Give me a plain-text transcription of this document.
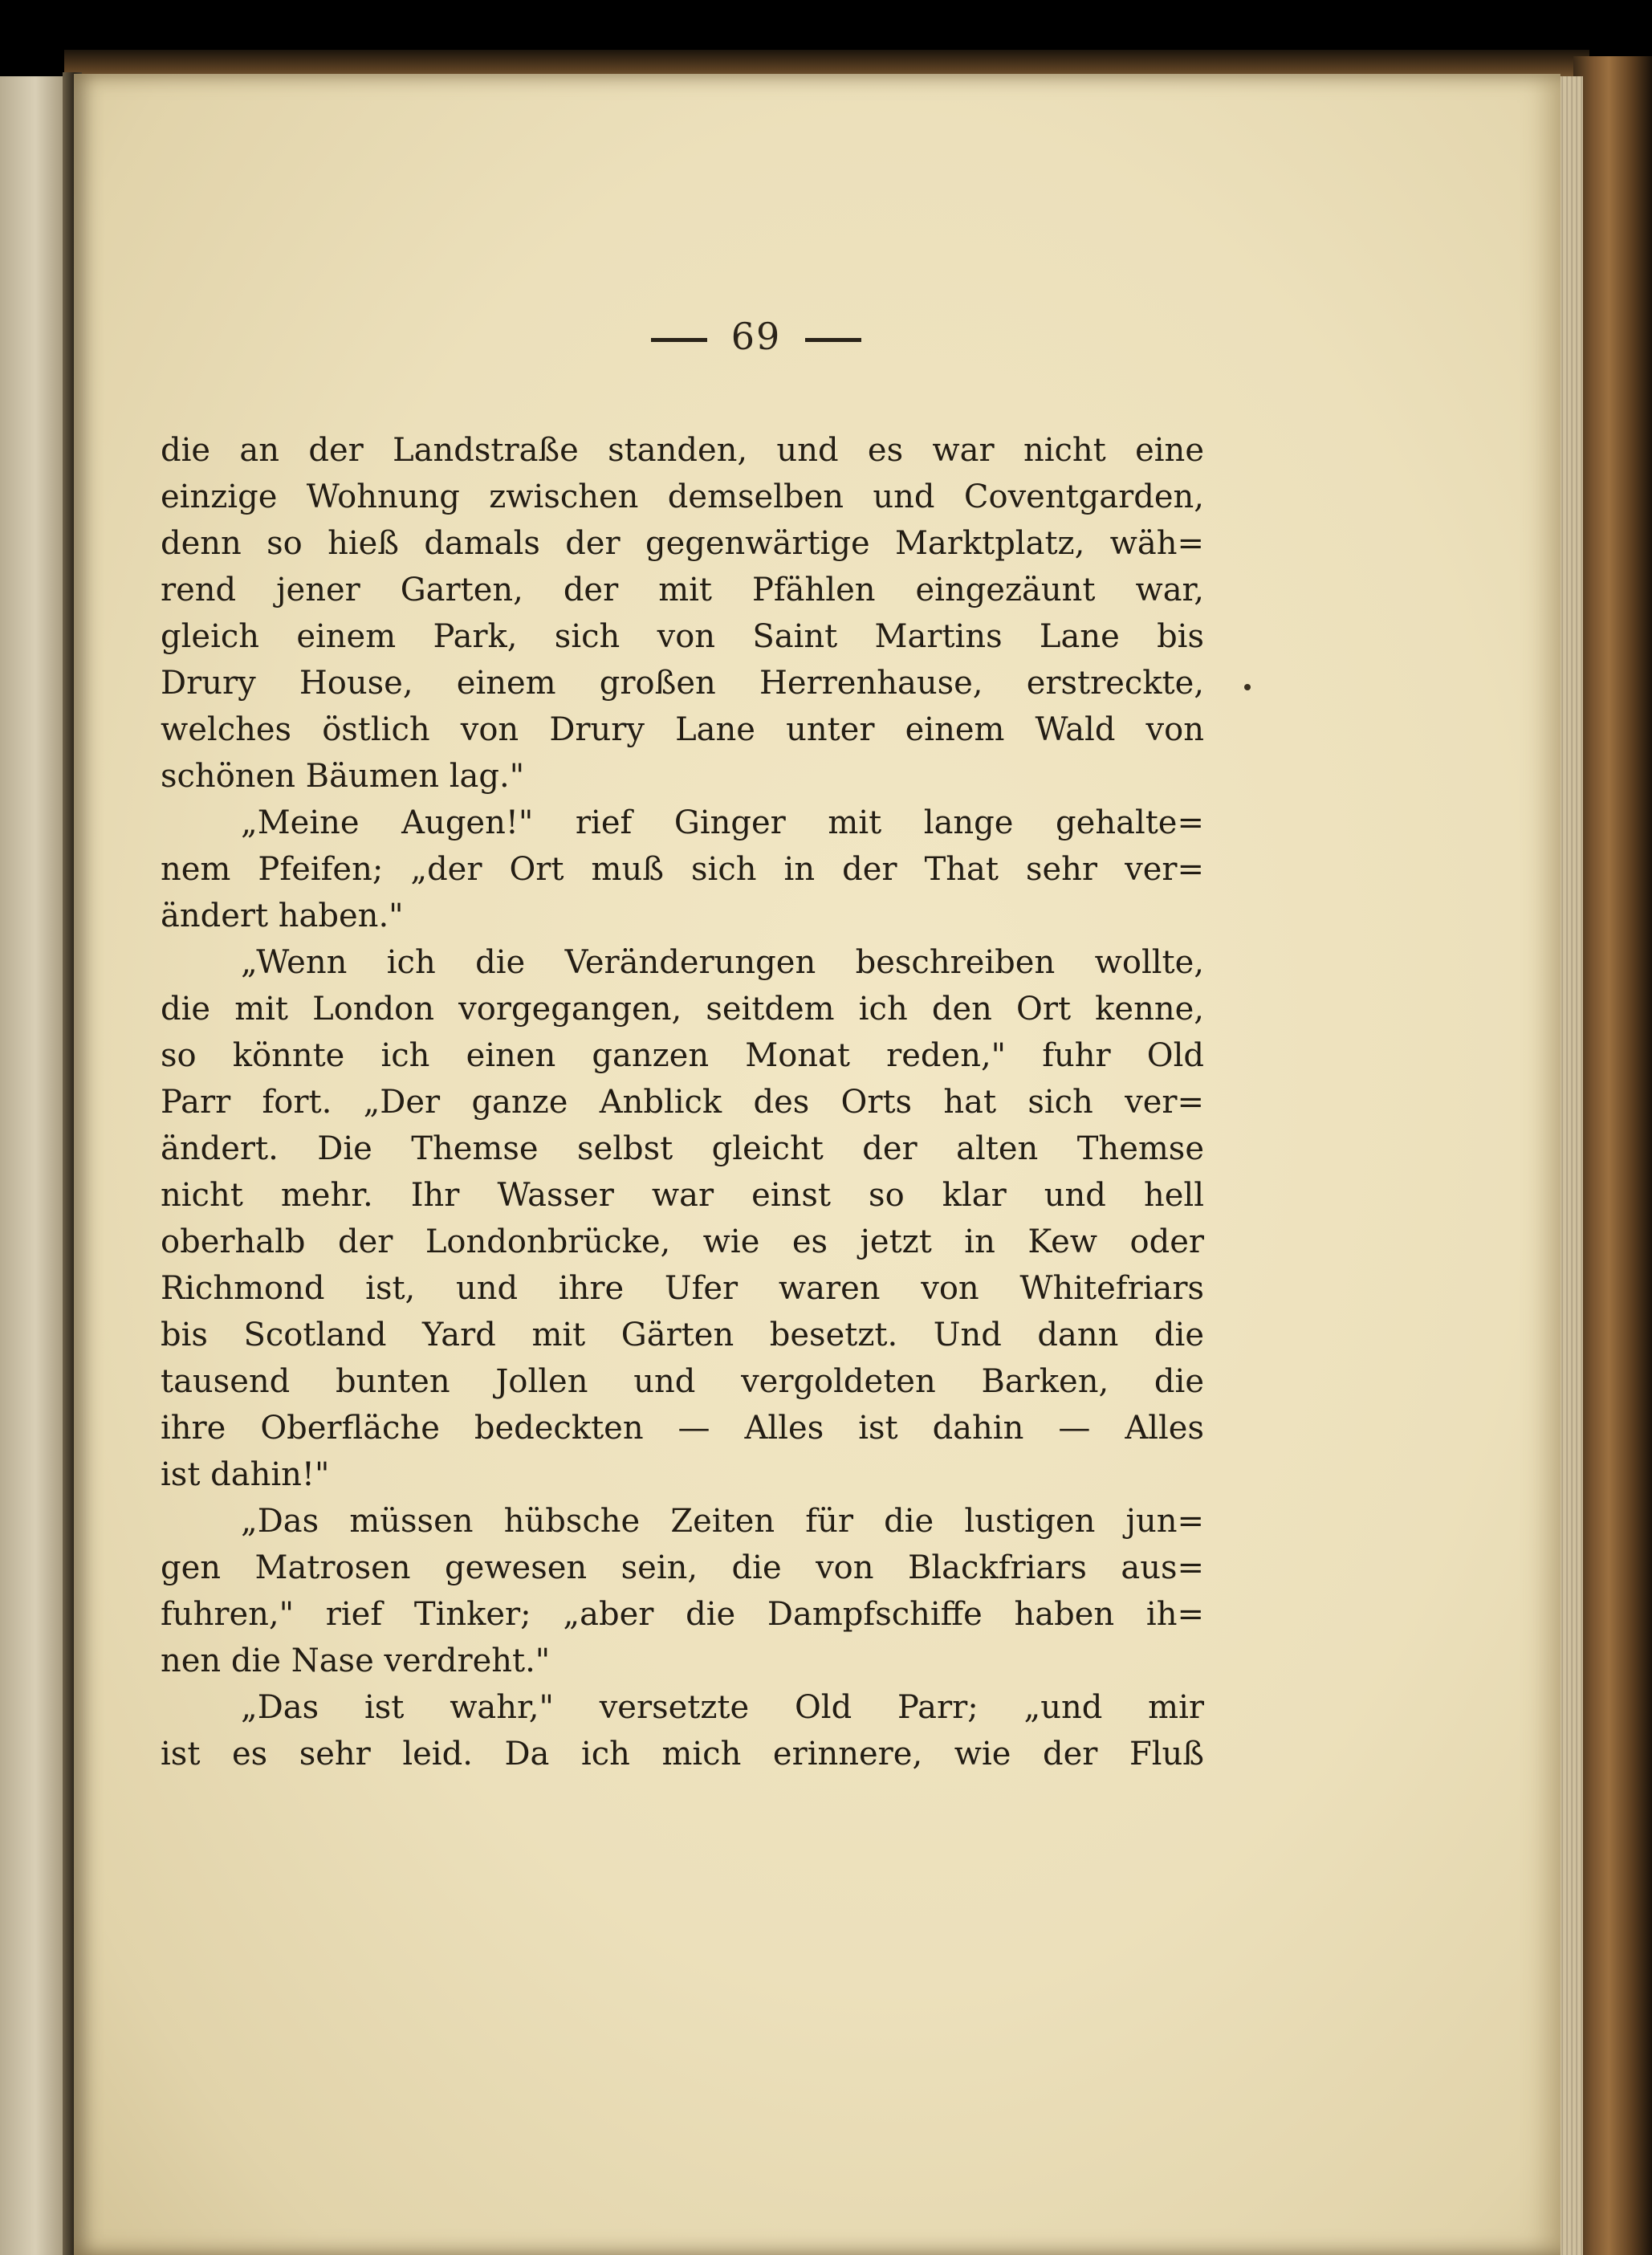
69
die an der Landstraße standen, und es war nicht eine
einzige Wohnung zwischen demselben und Coventgarden,
denn so hieß damals der gegenwärtige Marktplatz, wäh=
rend jener Garten, der mit Pfählen eingezäunt war,
gleich einem Park, sich von Saint Martins Lane bis
Drury House, einem großen Herrenhause, erstreckte,
welches östlich von Drury Lane unter einem Wald von
schönen Bäumen lag."
„Meine Augen!" rief Ginger mit lange gehalte=
nem Pfeifen; „der Ort muß sich in der That sehr ver=
ändert haben."
„Wenn ich die Veränderungen beschreiben wollte,
die mit London vorgegangen, seitdem ich den Ort kenne,
so könnte ich einen ganzen Monat reden," fuhr Old
Parr fort. „Der ganze Anblick des Orts hat sich ver=
ändert. Die Themse selbst gleicht der alten Themse
nicht mehr. Ihr Wasser war einst so klar und hell
oberhalb der Londonbrücke, wie es jetzt in Kew oder
Richmond ist, und ihre Ufer waren von Whitefriars
bis Scotland Yard mit Gärten besetzt. Und dann die
tausend bunten Jollen und vergoldeten Barken, die
ihre Oberfläche bedeckten — Alles ist dahin — Alles
ist dahin!"
„Das müssen hübsche Zeiten für die lustigen jun=
gen Matrosen gewesen sein, die von Blackfriars aus=
fuhren," rief Tinker; „aber die Dampfschiffe haben ih=
nen die Nase verdreht."
„Das ist wahr," versetzte Old Parr; „und mir
ist es sehr leid. Da ich mich erinnere, wie der Fluß
